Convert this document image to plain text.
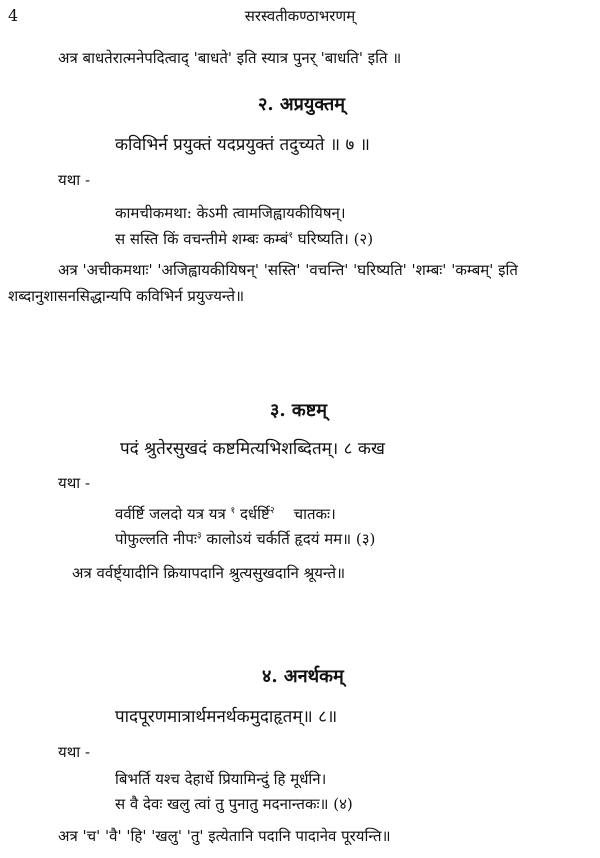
4	सरस्वतीकण्ठाभरणम्
अत्र बाधतेरात्मनेपदित्वाद् 'बाधते' इति स्यात्र पुनर् 'बाधति' इति ॥
२. अप्रयुक्तम्
कविभिर्न प्रयुक्तं यदप्रयुक्तं तदुच्यते ॥ ७ ॥
यथा -
कामचीकमथा: केऽमी त्वामजिह्वायकीयिषन्।
स सस्ति किं वचन्तीमे शम्बः कम्बं$^१$ घरिष्यति। (२)
अत्र 'अचीकमथाः' 'अजिह्वायकीयिषन्' 'सस्ति' 'वचन्ति' 'घरिष्यति' 'शम्बः' 'कम्बम्' इति
शब्दानुशासनसिद्धान्यपि कविभिर्न प्रयुज्यन्ते॥
३. कष्टम्
पदं श्रुतेरसुखदं कष्टमित्यभिशब्दितम्। ८ कख
यथा -
वर्वर्ष्टि जलदो यत्र यत्र $^१$ दर्धर्ष्टि$^२$    चातकः।
पोफुल्लति नीपः$^३$ कालोऽयं चर्कर्ति हृदयं मम॥ (३)
अत्र वर्वर्ष्ट्यादीनि क्रियापदानि श्रुत्यसुखदानि श्रूयन्ते॥
४. अनर्थकम्
पादपूरणमात्रार्थमनर्थकमुदाहृतम्॥ ८॥
यथा -
बिभर्ति यश्च देहार्धे प्रियामिन्दुं हि मूर्धनि।
स वै देवः खलु त्वां तु पुनातु मदनान्तकः॥ (४)
अत्र 'च' 'वै' 'हि' 'खलु' 'तु' इत्येतानि पदानि पादानेव पूरयन्ति॥
